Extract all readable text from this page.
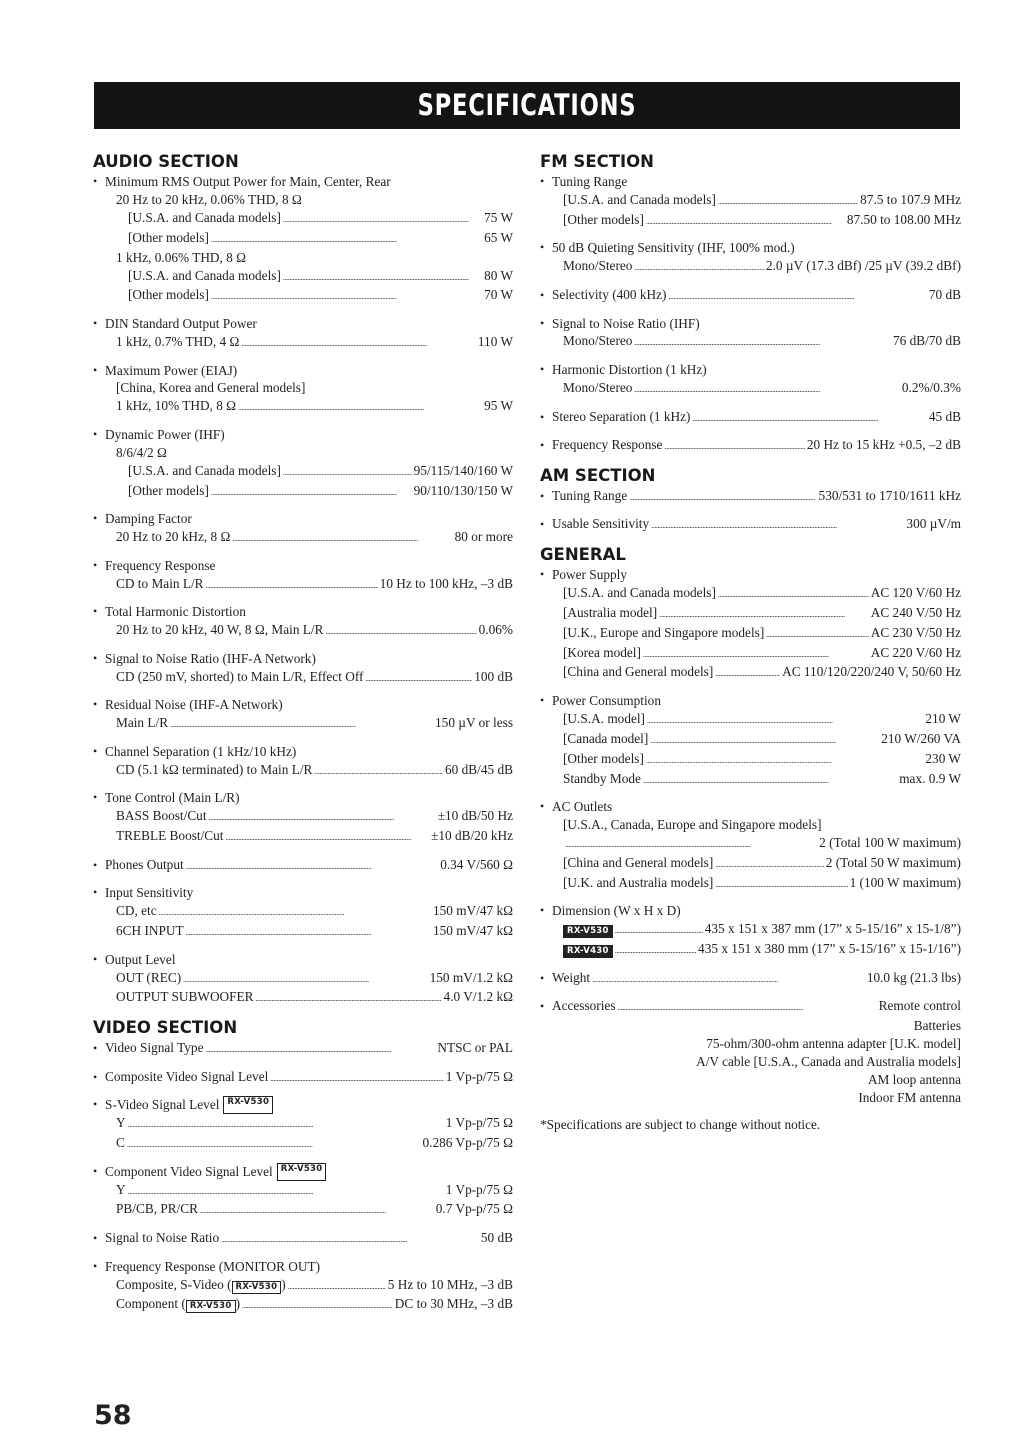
SPECIFICATIONS
AUDIO SECTION
• Minimum RMS Output Power for Main, Center, Rear
20 Hz to 20 kHz, 0.06% THD, 8 Ω
[U.S.A. and Canada models] . . .	75 W
[Other models] . . .	65 W
1 kHz, 0.06% THD, 8 Ω
[U.S.A. and Canada models] . . .	80 W
[Other models] . . .	70 W
• DIN Standard Output Power
1 kHz, 0.7% THD, 4 Ω . . .	110 W
• Maximum Power (EIAJ)
[China, Korea and General models]
1 kHz, 10% THD, 8 Ω . . .	95 W
• Dynamic Power (IHF)
8/6/4/2 Ω
[U.S.A. and Canada models] . . .	95/115/140/160 W
[Other models] . . .	90/110/130/150 W
• Damping Factor
20 Hz to 20 kHz, 8 Ω . . .	80 or more
• Frequency Response
CD to Main L/R . . .	10 Hz to 100 kHz, –3 dB
• Total Harmonic Distortion
20 Hz to 20 kHz, 40 W, 8 Ω, Main L/R . . .	0.06%
• Signal to Noise Ratio (IHF-A Network)
CD (250 mV, shorted) to Main L/R, Effect Off . . .	100 dB
• Residual Noise (IHF-A Network)
Main L/R . . .	150 µV or less
• Channel Separation (1 kHz/10 kHz)
CD (5.1 kΩ terminated) to Main L/R . . .	60 dB/45 dB
• Tone Control (Main L/R)
BASS Boost/Cut . . .	±10 dB/50 Hz
TREBLE Boost/Cut . . .	±10 dB/20 kHz
• Phones Output . . .	0.34 V/560 Ω
• Input Sensitivity
CD, etc . . .	150 mV/47 kΩ
6CH INPUT . . .	150 mV/47 kΩ
• Output Level
OUT (REC) . . .	150 mV/1.2 kΩ
OUTPUT SUBWOOFER . . .	4.0 V/1.2 kΩ
VIDEO SECTION
• Video Signal Type . . .	NTSC or PAL
• Composite Video Signal Level . . .	1 Vp-p/75 Ω
• S-Video Signal Level RX-V530
Y . . .	1 Vp-p/75 Ω
C . . .	0.286 Vp-p/75 Ω
• Component Video Signal Level RX-V530
Y . . .	1 Vp-p/75 Ω
PB/CB, PR/CR . . .	0.7 Vp-p/75 Ω
• Signal to Noise Ratio . . .	50 dB
• Frequency Response (MONITOR OUT)
Composite, S-Video ( RX-V530 ) . . .	5 Hz to 10 MHz, –3 dB
Component ( RX-V530 ) . . .	DC to 30 MHz, –3 dB
FM SECTION
• Tuning Range
[U.S.A. and Canada models] . . .	87.5 to 107.9 MHz
[Other models] . . .	87.50 to 108.00 MHz
• 50 dB Quieting Sensitivity (IHF, 100% mod.)
Mono/Stereo . . .	2.0 µV (17.3 dBf) /25 µV (39.2 dBf)
• Selectivity (400 kHz) . . .	70 dB
• Signal to Noise Ratio (IHF)
Mono/Stereo . . .	76 dB/70 dB
• Harmonic Distortion (1 kHz)
Mono/Stereo . . .	0.2%/0.3%
• Stereo Separation (1 kHz) . . .	45 dB
• Frequency Response . . .	20 Hz to 15 kHz +0.5, –2 dB
AM SECTION
• Tuning Range . . .	530/531 to 1710/1611 kHz
• Usable Sensitivity . . .	300 µV/m
GENERAL
• Power Supply
[U.S.A. and Canada models] . . .	AC 120 V/60 Hz
[Australia model] . . .	AC 240 V/50 Hz
[U.K., Europe and Singapore models] . . .	AC 230 V/50 Hz
[Korea model] . . .	AC 220 V/60 Hz
[China and General models] . . .	AC 110/120/220/240 V, 50/60 Hz
• Power Consumption
[U.S.A. model] . . .	210 W
[Canada model] . . .	210 W/260 VA
[Other models] . . .	230 W
Standby Mode . . .	max. 0.9 W
• AC Outlets
[U.S.A., Canada, Europe and Singapore models]
. . .
2 (Total 100 W maximum)
[China and General models] . . .	2 (Total 50 W maximum)
[U.K. and Australia models] . . .	1 (100 W maximum)
• Dimension (W x H x D)
RX-V530 . . .	435 x 151 x 387 mm (17” x 5-15/16” x 15-1/8”)
RX-V430 . . .	435 x 151 x 380 mm (17” x 5-15/16” x 15-1/16”)
• Weight . . .	10.0 kg (21.3 lbs)
• Accessories . . .	Remote control
Batteries
75-ohm/300-ohm antenna adapter [U.K. model]
A/V cable [U.S.A., Canada and Australia models]
AM loop antenna
Indoor FM antenna
*Specifications are subject to change without notice.
58
